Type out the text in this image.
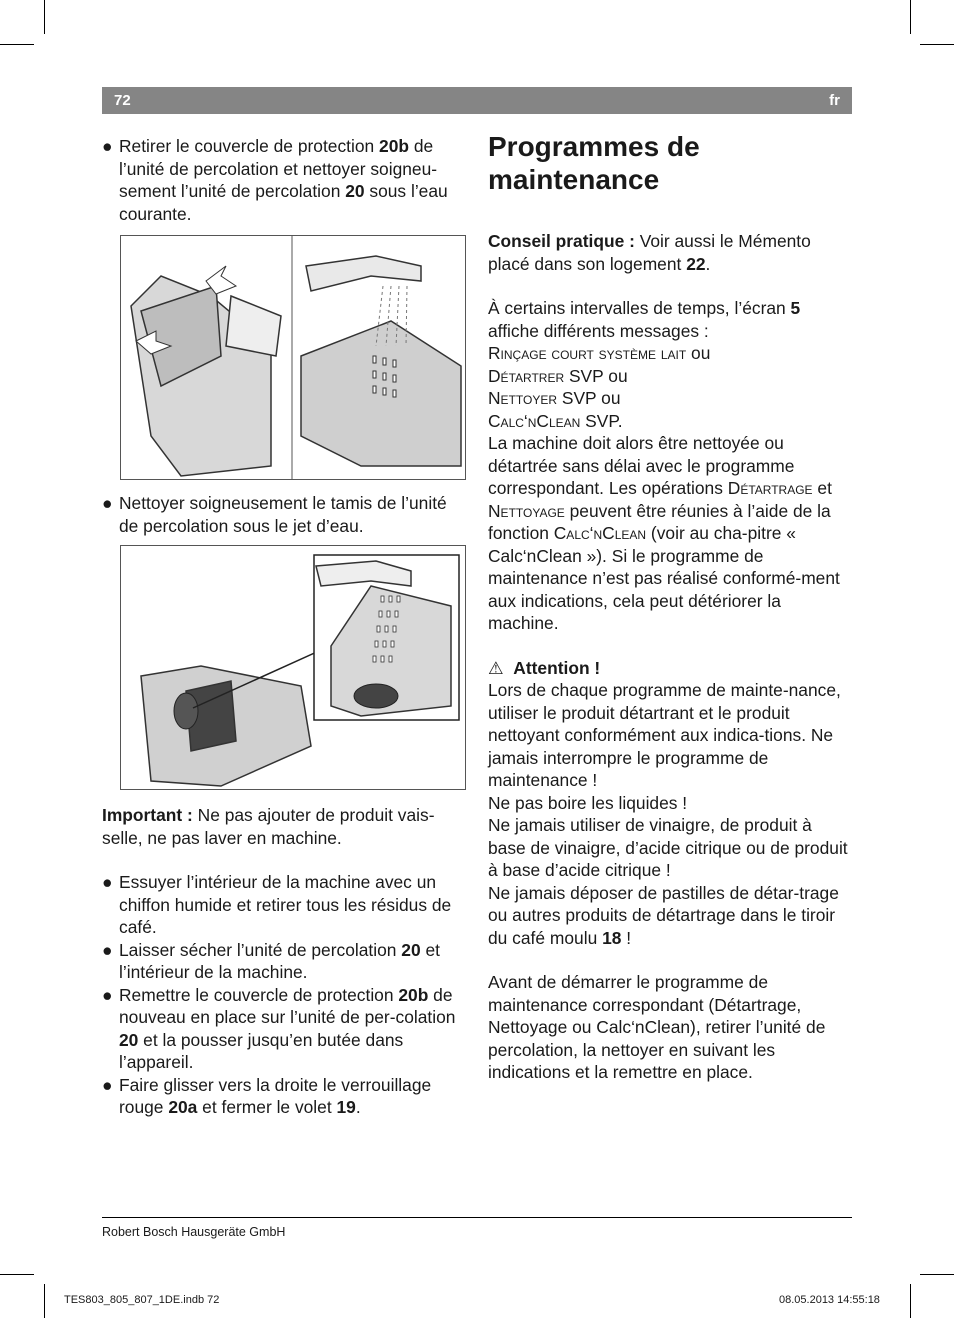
72	fr
● Retirer le couvercle de protection 20b de l’unité de percolation et nettoyer soigneu-sement l’unité de percolation 20 sous l’eau courante.
● Nettoyer soigneusement le tamis de l’unité de percolation sous le jet d’eau.
Important : Ne pas ajouter de produit vais-selle, ne pas laver en machine.
● Essuyer l’intérieur de la machine avec un chiffon humide et retirer tous les résidus de café.
● Laisser sécher l’unité de percolation 20 et l’intérieur de la machine.
● Remettre le couvercle de protection 20b de nouveau en place sur l’unité de per-colation 20 et la pousser jusqu’en butée dans l’appareil.
● Faire glisser vers la droite le verrouillage rouge 20a et fermer le volet 19.
Programmes de
maintenance
Conseil pratique : Voir aussi le Mémento placé dans son logement 22.
À certains intervalles de temps, l’écran 5 affiche différents messages :
Rinçage court système lait ou
Détartrer SVP ou
Nettoyer SVP ou
Calc‘nClean SVP.
La machine doit alors être nettoyée ou détartrée sans délai avec le programme correspondant. Les opérations Détartrage et Nettoyage peuvent être réunies à l’aide de la fonction Calc‘nClean (voir au cha-pitre « Calc‘nClean »). Si le programme de maintenance n’est pas réalisé conformé-ment aux indications, cela peut détériorer la machine.
⚠ Attention !
Lors de chaque programme de mainte-nance, utiliser le produit détartrant et le produit nettoyant conformément aux indica-tions. Ne jamais interrompre le programme de maintenance !
Ne pas boire les liquides !
Ne jamais utiliser de vinaigre, de produit à base de vinaigre, d’acide citrique ou de produit à base d’acide citrique !
Ne jamais déposer de pastilles de détar-trage ou autres produits de détartrage dans le tiroir du café moulu 18 !
Avant de démarrer le programme de maintenance correspondant (Détartrage, Nettoyage ou Calc‘nClean), retirer l’unité de percolation, la nettoyer en suivant les indications et la remettre en place.
Robert Bosch Hausgeräte GmbH
TES803_805_807_1DE.indb 72	08.05.2013 14:55:18
